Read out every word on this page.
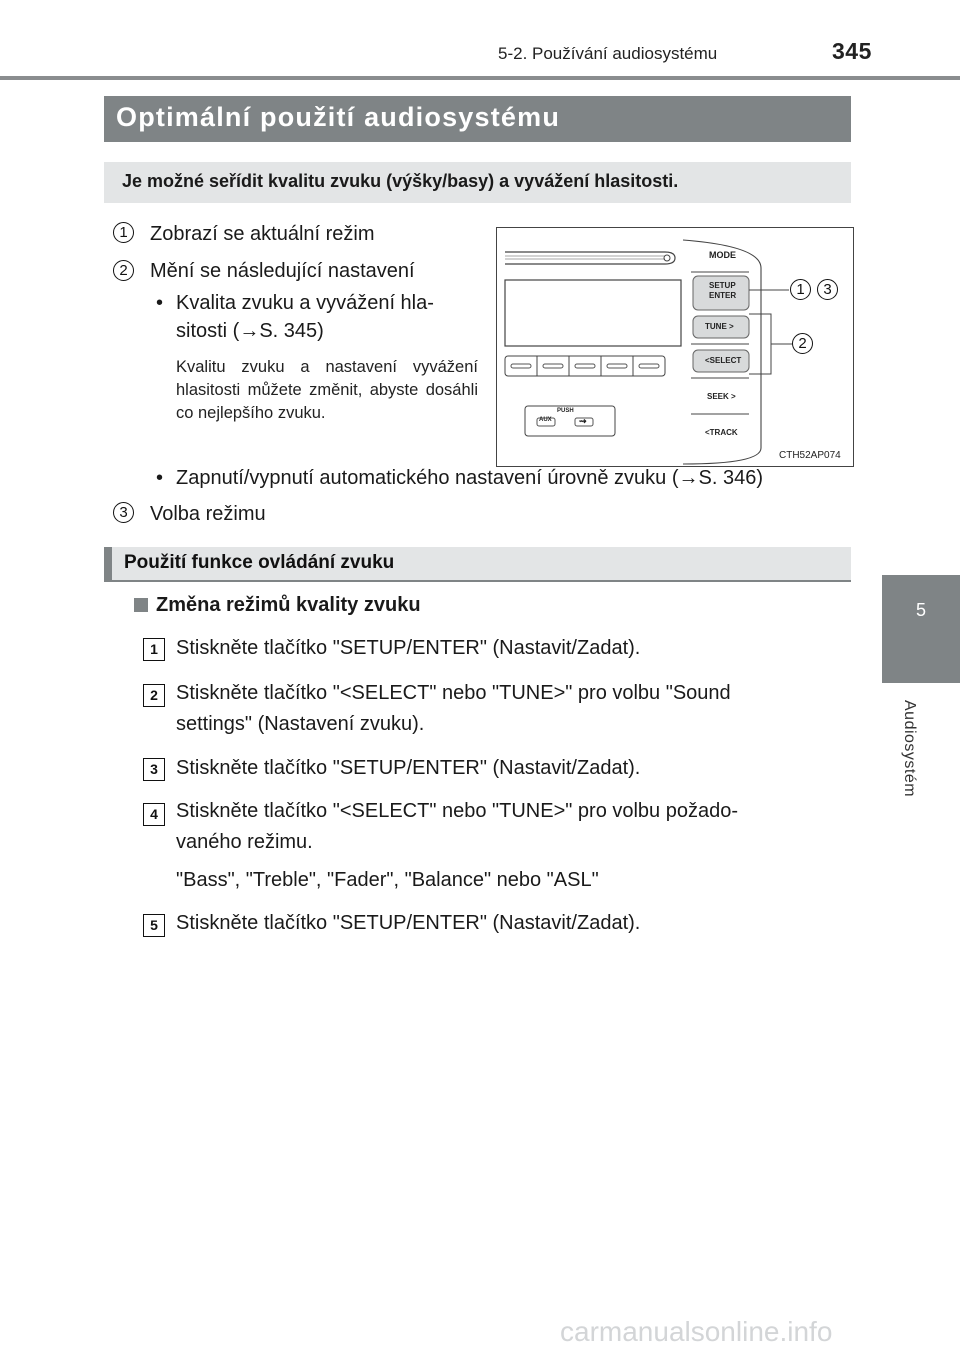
5-2. Používání audiosystému	345
5
Audiosystém
Optimální použití audiosystému
Je možné seřídit kvalitu zvuku (výšky/basy) a vyvážení hlasitosti.
1	Zobrazí se aktuální režim
2	Mění se následující nastavení
• Kvalita zvuku a vyvážení hla-
sitosti (→S. 345)
Kvalitu zvuku a nastavení vyvážení hlasitosti můžete změnit, abyste dosáhli co nejlepšího zvuku.
• Zapnutí/vypnutí automatického nastavení úrovně zvuku (→S. 346)
3	Volba režimu
MODE
SETUP
ENTER
TUNE >
<SELECT
SEEK >
<TRACK
PUSH
AUX	⇝
1	3
2
CTH52AP074
Použití funkce ovládání zvuku
Změna režimů kvality zvuku
1 Stiskněte tlačítko "SETUP/ENTER" (Nastavit/Zadat).
2 Stiskněte tlačítko "<SELECT" nebo "TUNE>" pro volbu "Sound
settings" (Nastavení zvuku).
3 Stiskněte tlačítko "SETUP/ENTER" (Nastavit/Zadat).
4 Stiskněte tlačítko "<SELECT" nebo "TUNE>" pro volbu požado-
vaného režimu.
"Bass", "Treble", "Fader", "Balance" nebo "ASL"
5 Stiskněte tlačítko "SETUP/ENTER" (Nastavit/Zadat).
carmanualsonline.info
